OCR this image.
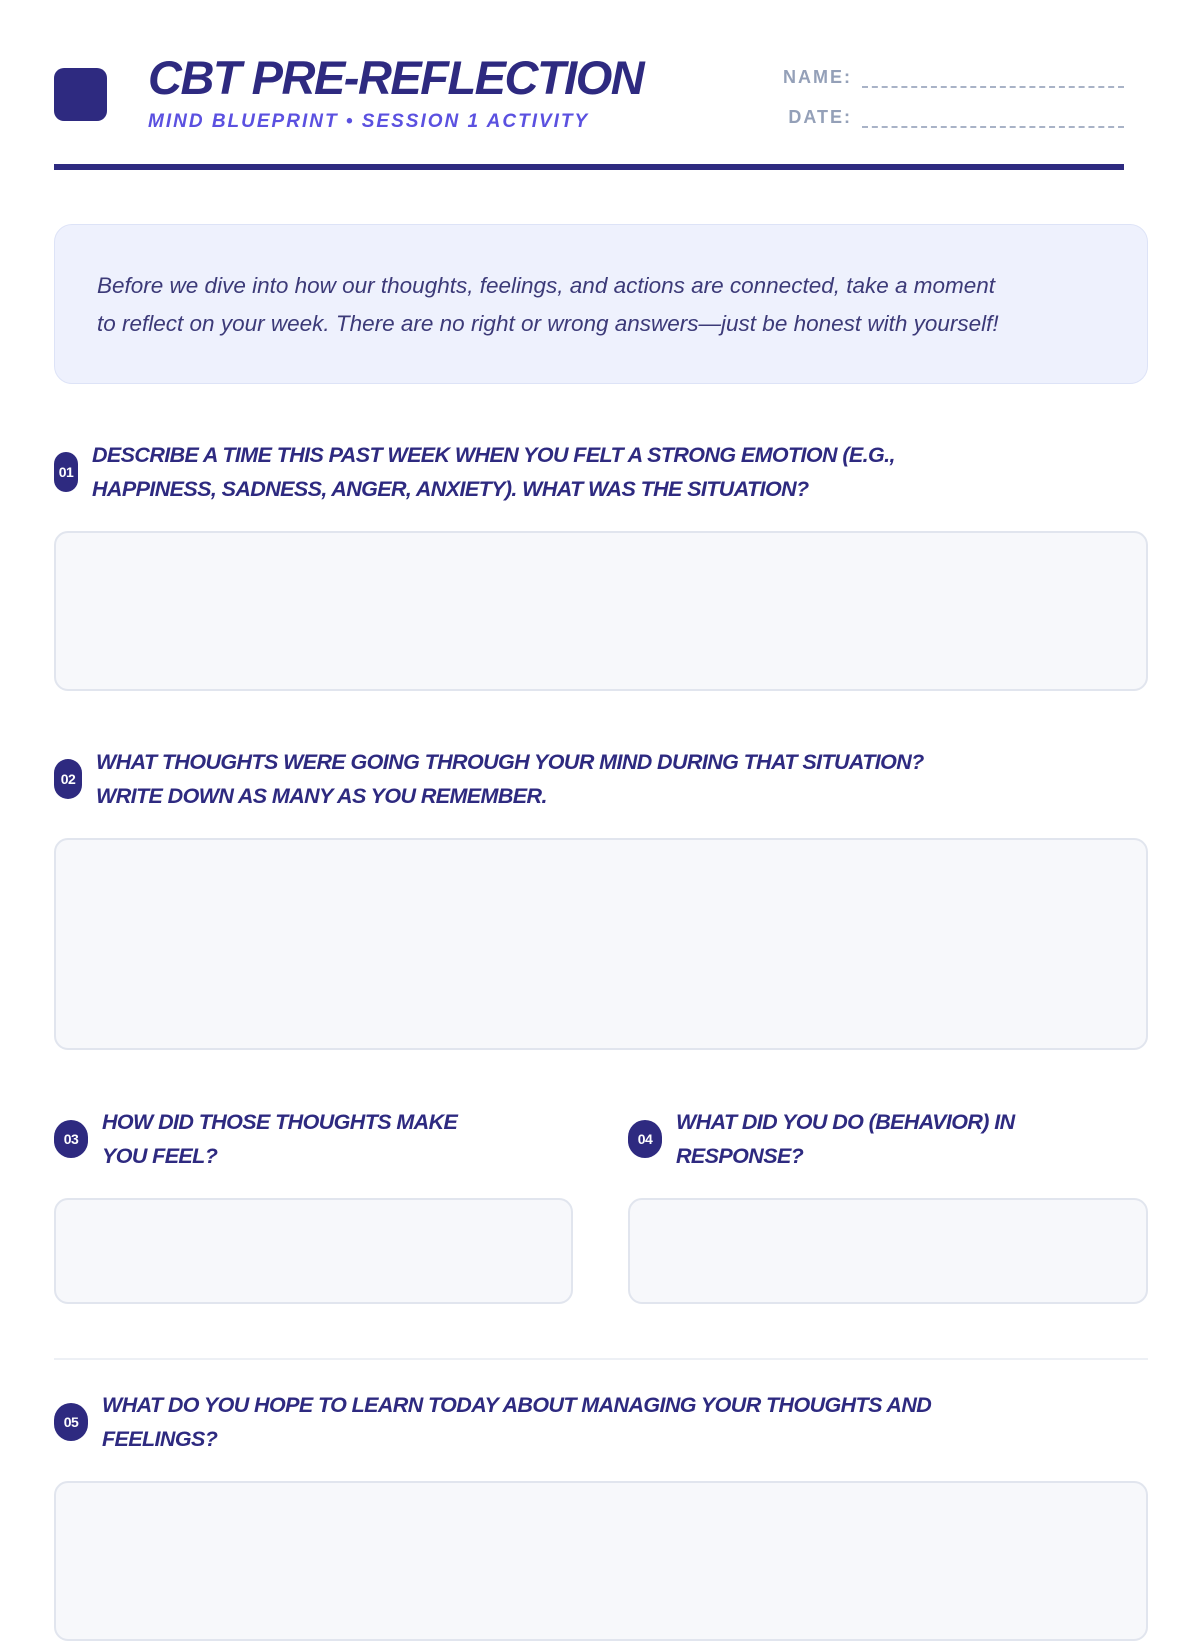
CBT PRE-REFLECTION
MIND BLUEPRINT • SESSION 1 ACTIVITY
NAME:
DATE:
Before we dive into how our thoughts, feelings, and actions are connected, take a moment
to reflect on your week. There are no right or wrong answers—just be honest with yourself!
01
DESCRIBE A TIME THIS PAST WEEK WHEN YOU FELT A STRONG EMOTION (E.G.,
HAPPINESS, SADNESS, ANGER, ANXIETY). WHAT WAS THE SITUATION?
02
WHAT THOUGHTS WERE GOING THROUGH YOUR MIND DURING THAT SITUATION?
WRITE DOWN AS MANY AS YOU REMEMBER.
03
HOW DID THOSE THOUGHTS MAKE
YOU FEEL?
04
WHAT DID YOU DO (BEHAVIOR) IN
RESPONSE?
05
WHAT DO YOU HOPE TO LEARN TODAY ABOUT MANAGING YOUR THOUGHTS AND
FEELINGS?
